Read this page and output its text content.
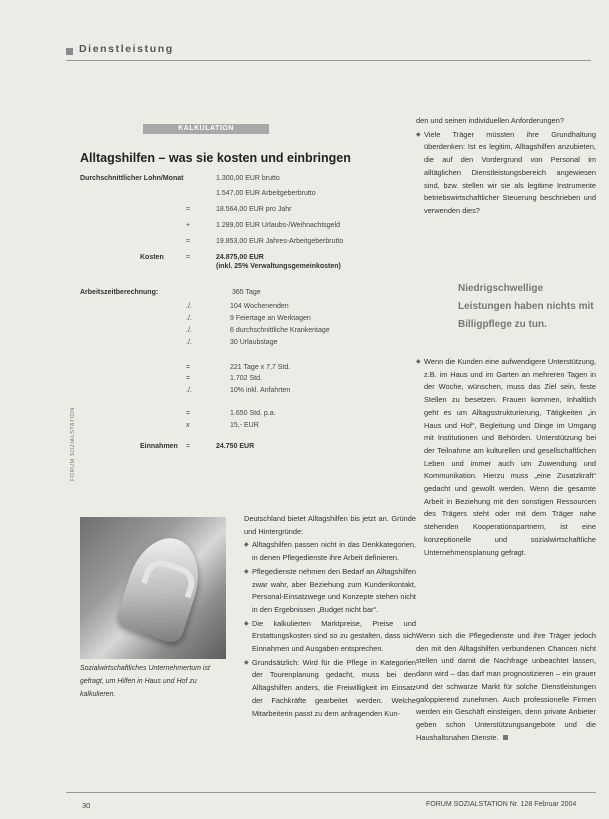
Dienstleistung
KALKULATION
Alltagshilfen – was sie kosten und einbringen
Durchschnittlicher Lohn/Monat	1.300,00 EUR brutto
1.547,00 EUR Arbeitgeberbrutto
=	18.564,00 EUR pro Jahr
+	1.289,00 EUR Urlaubs-/Weihnachtsgeld
=	19.853,00 EUR Jahres-Arbeitgeberbrutto
Kosten	=	24.875,00 EUR
(inkl. 25% Verwaltungsgemeinkosten)
Arbeitszeitberechnung:	365 Tage
./.	104 Wochenenden
./.	9 Feiertage an Werktagen
./.	6 durchschnittliche Krankentage
./.	30 Urlaubstage
=	221 Tage x 7,7 Std.
=	1.702 Std.
./.	10% inkl. Anfahrten
=	1.650 Std. p.a.
x	15,- EUR
Einnahmen =	24.750 EUR
FORUM SOZIALSTATION
Sozialwirtschaftliches Unternehmertum ist gefragt, um Hilfen in Haus und Hof zu kalkulieren.

Deutschland bietet Alltagshilfen bis jetzt an. Gründe und Hintergründe:

◆ Alltagshilfen passen nicht in das Denkkategorien, in denen Pflegedienste ihre Arbeit definieren.

◆ Pflegedienste nehmen den Bedarf an Alltagshilfen zwar wahr, aber Beziehung zum Kundenkontakt, Personal-Einsatzwege und Konzepte stehen nicht in den Ergebnissen „Budget nicht bar“.

◆ Die kalkulierten Marktpreise, Preise und Erstattungskosten sind so zu gestalten, dass sich Einnahmen und Ausgaben entsprechen.

◆ Grundsätzlich: Wird für die Pflege in Kategorien der Tourenplanung gedacht, muss bei den Alltagshilfen anders, die Freiwilligkeit im Einsatz der Fachkräfte gearbeitet werden. Welche Mitarbeiterin passt zu dem anfragenden Kun-

den und seinen individuellen Anforderungen?

◆ Viele Träger müssten ihre Grundhaltung überdenken: Ist es legitim, Alltagshilfen anzubieten, die auf den Vordergrund von Personal im alltäglichen Dienstleistungsbereich angewiesen sind, bzw. stellen wir sie als legitime Instrumente betriebswirtschaftlicher Steuerung beschrieben und verwenden dies?

Niedrigschwellige Leistungen haben nichts mit Billigpflege zu tun.

◆ Wenn die Kunden eine aufwendigere Unterstützung, z.B. im Haus und im Garten an mehreren Tagen in der Woche, wünschen, muss das Ziel sein, feste Stellen zu besetzen. Frauen kommen, Inhaltlich geht es um Alltagsstrukturierung, Tätigkeiten „in Haus und Hof“, Begleitung und Dinge im Umgang mit Institutionen und Behörden. Unterstützung bei der Teilnahme am kulturellen und gesellschaftlichen Leben und immer auch um Zuwendung und Kommunikation. Hierzu muss „eine Zusatzkraft“ gedacht und gewollt werden. Wenn die gesamte Arbeit in Beziehung mit den sonstigen Ressourcen des Trägers steht oder mit dem Träger nahe stehenden Kooperationspartnern, ist eine konzeptionelle und sozialwirtschaftliche Unternehmensplanung gefragt.

Wenn sich die Pflegedienste und ihre Träger jedoch den mit den Alltagshilfen verbundenen Chancen nicht stellen und damit die Nachfrage unbeachtet lassen, dann wird – das darf man prognostizieren – ein grauer und der schwarze Markt für solche Dienstleistungen galoppierend zunehmen. Auch professionelle Firmen werden ein Geschäft einsteigen, denn private Anbieter geben schon Unterstützungsangebote und die Haushaltsnahen Dienste.

30	FORUM SOZIALSTATION Nr. 128 Februar 2004
